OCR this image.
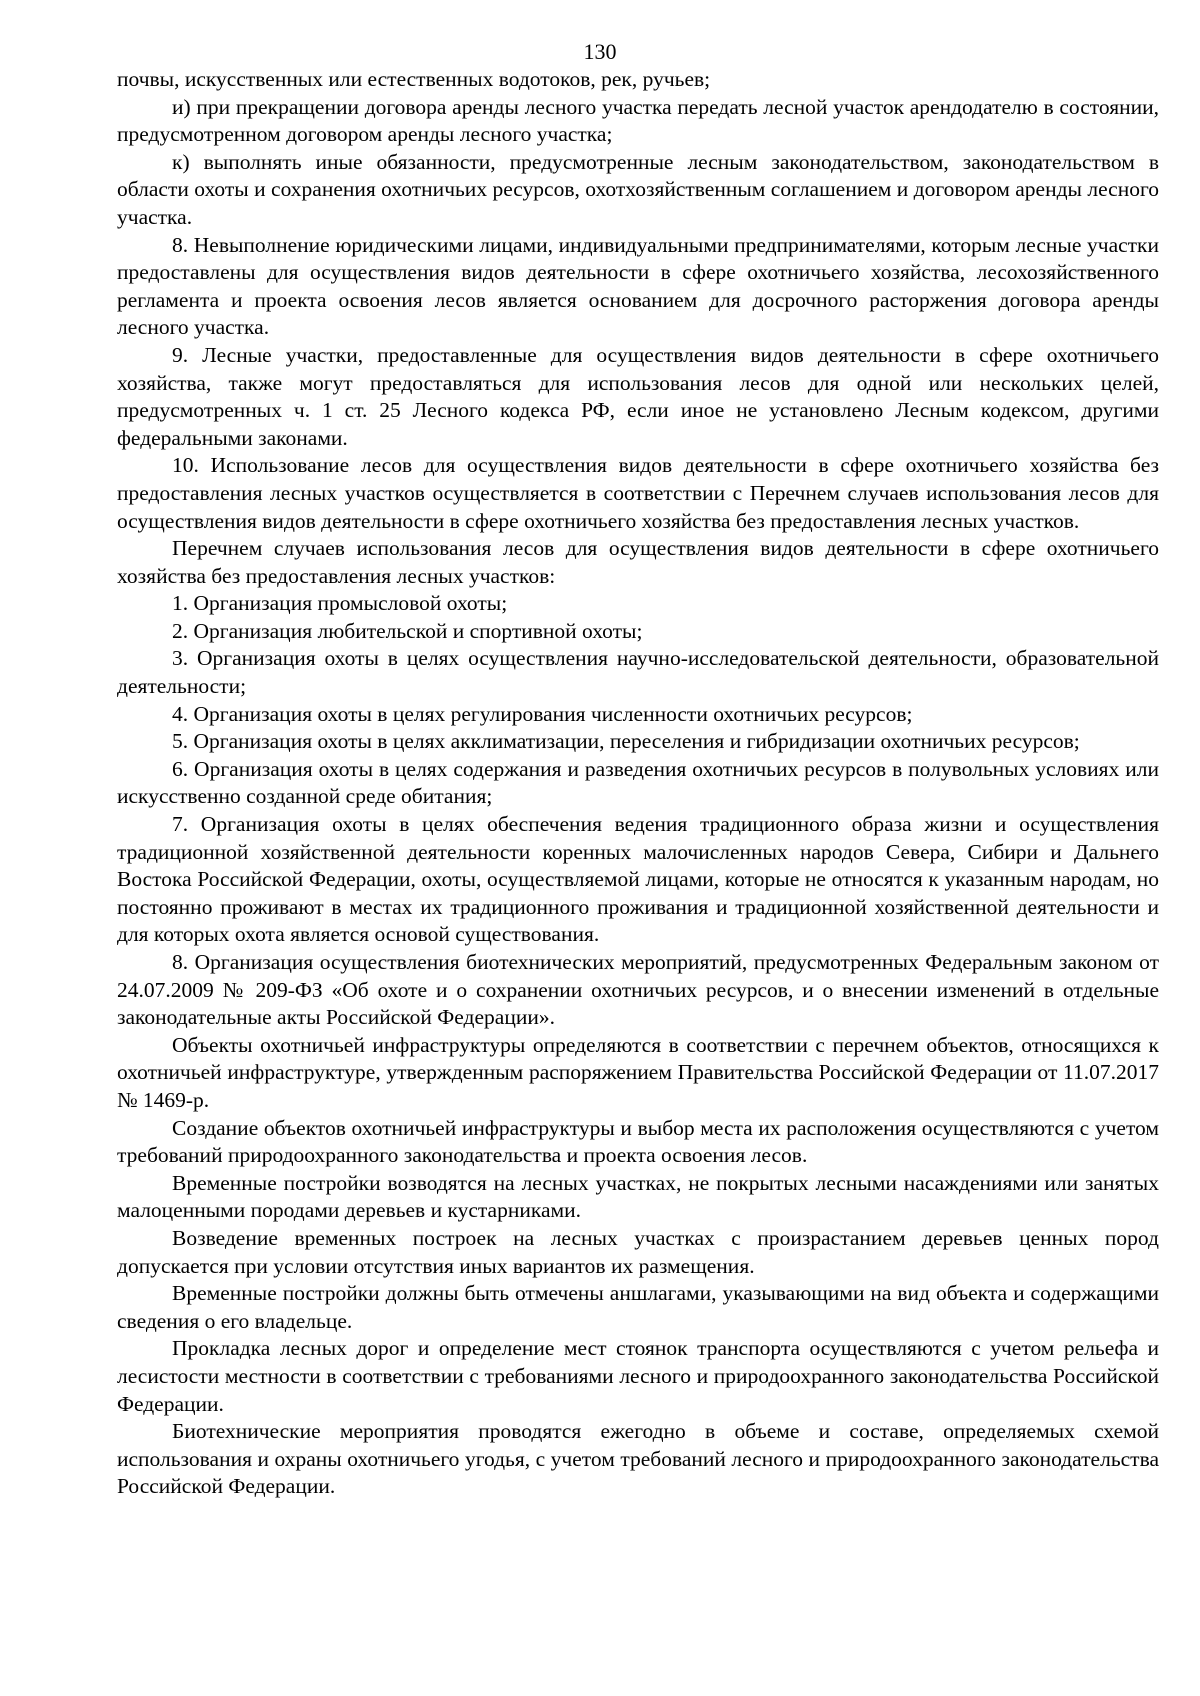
130

почвы, искусственных или естественных водотоков, рек, ручьев;

и) при прекращении договора аренды лесного участка передать лесной участок арендодателю в состоянии, предусмотренном договором аренды лесного участка;

к) выполнять иные обязанности, предусмотренные лесным законодательством, законодательством в области охоты и сохранения охотничьих ресурсов, охотхозяйственным соглашением и договором аренды лесного участка.

8. Невыполнение юридическими лицами, индивидуальными предпринимателями, которым лесные участки предоставлены для осуществления видов деятельности в сфере охотничьего хозяйства, лесохозяйственного регламента и проекта освоения лесов является основанием для досрочного расторжения договора аренды лесного участка.

9. Лесные участки, предоставленные для осуществления видов деятельности в сфере охотничьего хозяйства, также могут предоставляться для использования лесов для одной или нескольких целей, предусмотренных ч. 1 ст. 25 Лесного кодекса РФ, если иное не установлено Лесным кодексом, другими федеральными законами.

10. Использование лесов для осуществления видов деятельности в сфере охотничьего хозяйства без предоставления лесных участков осуществляется в соответствии с Перечнем случаев использования лесов для осуществления видов деятельности в сфере охотничьего хозяйства без предоставления лесных участков.

Перечнем случаев использования лесов для осуществления видов деятельности в сфере охотничьего хозяйства без предоставления лесных участков:

1. Организация промысловой охоты;

2. Организация любительской и спортивной охоты;

3. Организация охоты в целях осуществления научно-исследовательской деятельности, образовательной деятельности;

4. Организация охоты в целях регулирования численности охотничьих ресурсов;

5. Организация охоты в целях акклиматизации, переселения и гибридизации охотничьих ресурсов;

6. Организация охоты в целях содержания и разведения охотничьих ресурсов в полувольных условиях или искусственно созданной среде обитания;

7. Организация охоты в целях обеспечения ведения традиционного образа жизни и осуществления традиционной хозяйственной деятельности коренных малочисленных народов Севера, Сибири и Дальнего Востока Российской Федерации, охоты, осуществляемой лицами, которые не относятся к указанным народам, но постоянно проживают в местах их традиционного проживания и традиционной хозяйственной деятельности и для которых охота является основой существования.

8. Организация осуществления биотехнических мероприятий, предусмотренных Федеральным законом от 24.07.2009 № 209-ФЗ «Об охоте и о сохранении охотничьих ресурсов, и о внесении изменений в отдельные законодательные акты Российской Федерации».

Объекты охотничьей инфраструктуры определяются в соответствии с перечнем объектов, относящихся к охотничьей инфраструктуре, утвержденным распоряжением Правительства Российской Федерации от 11.07.2017 № 1469-р.

Создание объектов охотничьей инфраструктуры и выбор места их расположения осуществляются с учетом требований природоохранного законодательства и проекта освоения лесов.

Временные постройки возводятся на лесных участках, не покрытых лесными насаждениями или занятых малоценными породами деревьев и кустарниками.

Возведение временных построек на лесных участках с произрастанием деревьев ценных пород допускается при условии отсутствия иных вариантов их размещения.

Временные постройки должны быть отмечены аншлагами, указывающими на вид объекта и содержащими сведения о его владельце.

Прокладка лесных дорог и определение мест стоянок транспорта осуществляются с учетом рельефа и лесистости местности в соответствии с требованиями лесного и природоохранного законодательства Российской Федерации.

Биотехнические мероприятия проводятся ежегодно в объеме и составе, определяемых схемой использования и охраны охотничьего угодья, с учетом требований лесного и природоохранного законодательства Российской Федерации.
